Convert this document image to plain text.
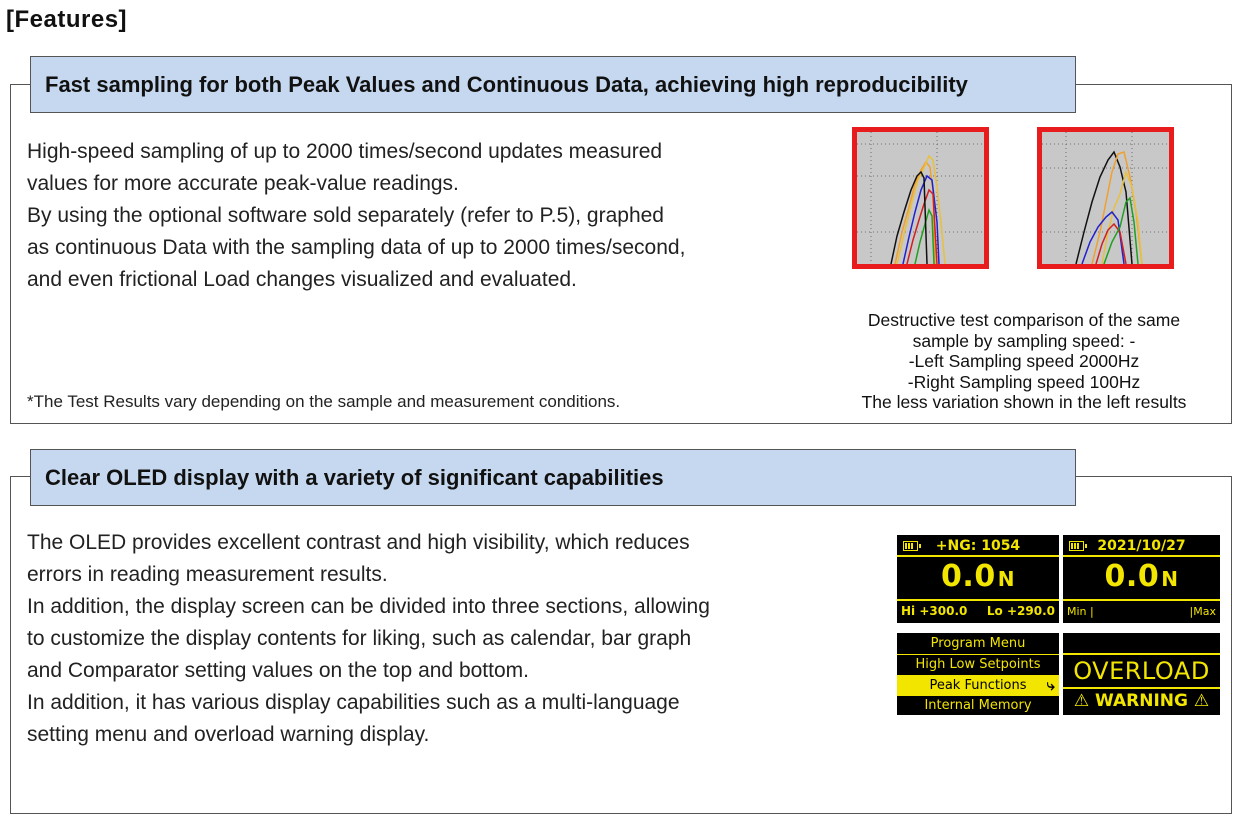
[Features]
Fast sampling for both Peak Values and Continuous Data, achieving high reproducibility

High-speed sampling of up to 2000 times/second updates measured

values for more accurate peak-value readings.

By using the optional software sold separately (refer to P.5), graphed

as continuous Data with the sampling data of up to 2000 times/second,

and even frictional Load changes visualized and evaluated.

*The Test Results vary depending on the sample and measurement conditions.
Destructive test comparison of the same
sample by sampling speed: -
-Left Sampling speed 2000Hz
-Right Sampling speed 100Hz
The less variation shown in the left results
Clear OLED display with a variety of significant capabilities

The OLED provides excellent contrast and high visibility, which reduces

errors in reading measurement results.

In addition, the display screen can be divided into three sections, allowing

to customize the display contents for liking, such as calendar, bar graph

and Comparator setting values on the top and bottom.

In addition, it has various display capabilities such as a multi-language

setting menu and overload warning display.

+NG: 1054
0.0 N
Hi +300.0 Lo +290.0
2021/10/27
0.0 N
Min |	|Max
Program Menu
High Low Setpoints
Peak Functions ⤷
Internal Memory
OVERLOAD
⚠ WARNING ⚠
